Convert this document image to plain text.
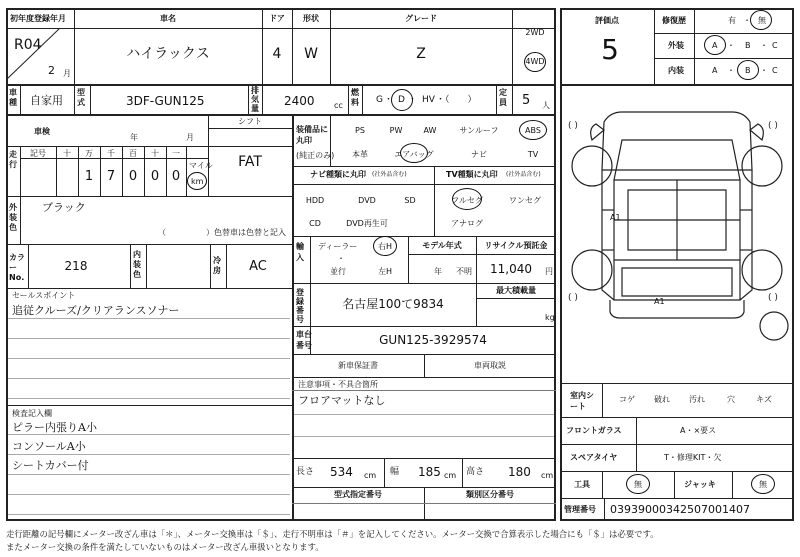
初年度登録年月	車名	ドア 形状	グレード
R04
2 月
ハイラックス	4 W	Z
2WD
4WD
車種 自家用
型式	3DF-GUN125
排気量
2400 cc
燃料 G ・ D ・ HV ・（　　）
定員 5 人
車検
年	月
シフト
FAT
走行
記号 十 万 千 百 十 一
1 7 0 0 0
マイル
km
外装色
ブラック
（　　　　　）色替車は色替と記入
カラーNo.
218
内装色
冷房 AC
セールスポイント
追従クルーズ/クリアランスソナー
検査記入欄
ピラー内張りA小
コンソールA小
シートカバー付
装備品に丸印
(純正のみ)
PS	PW	AW	サンルーフ	ABS
本革	エアバッグ	ナビ	TV
ナビ種類に丸印 (社外品含む)	TV種類に丸印 (社外品含む)
HDD	DVD	SD
CD	DVD再生可
フルセグ	ワンセグ
アナログ
輸入
ディーラー
・
並行
右H
左H
モデル年式
年 不明
リサイクル預託金
11,040 円
登録番号
名古屋100て9834
最大積載量
kg
車台番号	GUN125-3929574
新車保証書	車両取説
注意事項・不具合箇所
フロアマットなし
長さ 534 cm 幅 185 cm 高さ 180 cm
型式指定番号	類別区分番号
評価点
5
修復歴	有 ・ 無
外装	A ・ B ・ C
内装	A ・ B ・ C
( )	( )
( )	( )
A1
A1
室内シート
コゲ 破れ 汚れ	穴	キズ
フロントガラス	A・×要ス
スペアタイヤ	T・修理KIT・欠
工具	無	ジャッキ	無
管理番号 0393900034250700140​7
走行距離の記号欄にメーター改ざん車は「＊」、メーター交換車は「＄」、走行不明車は「＃」を記入してください。メーター交換で合算表示した場合にも「＄」は必要です。
またメーター交換の条件を満たしていないものはメーター改ざん車扱いとなります。
